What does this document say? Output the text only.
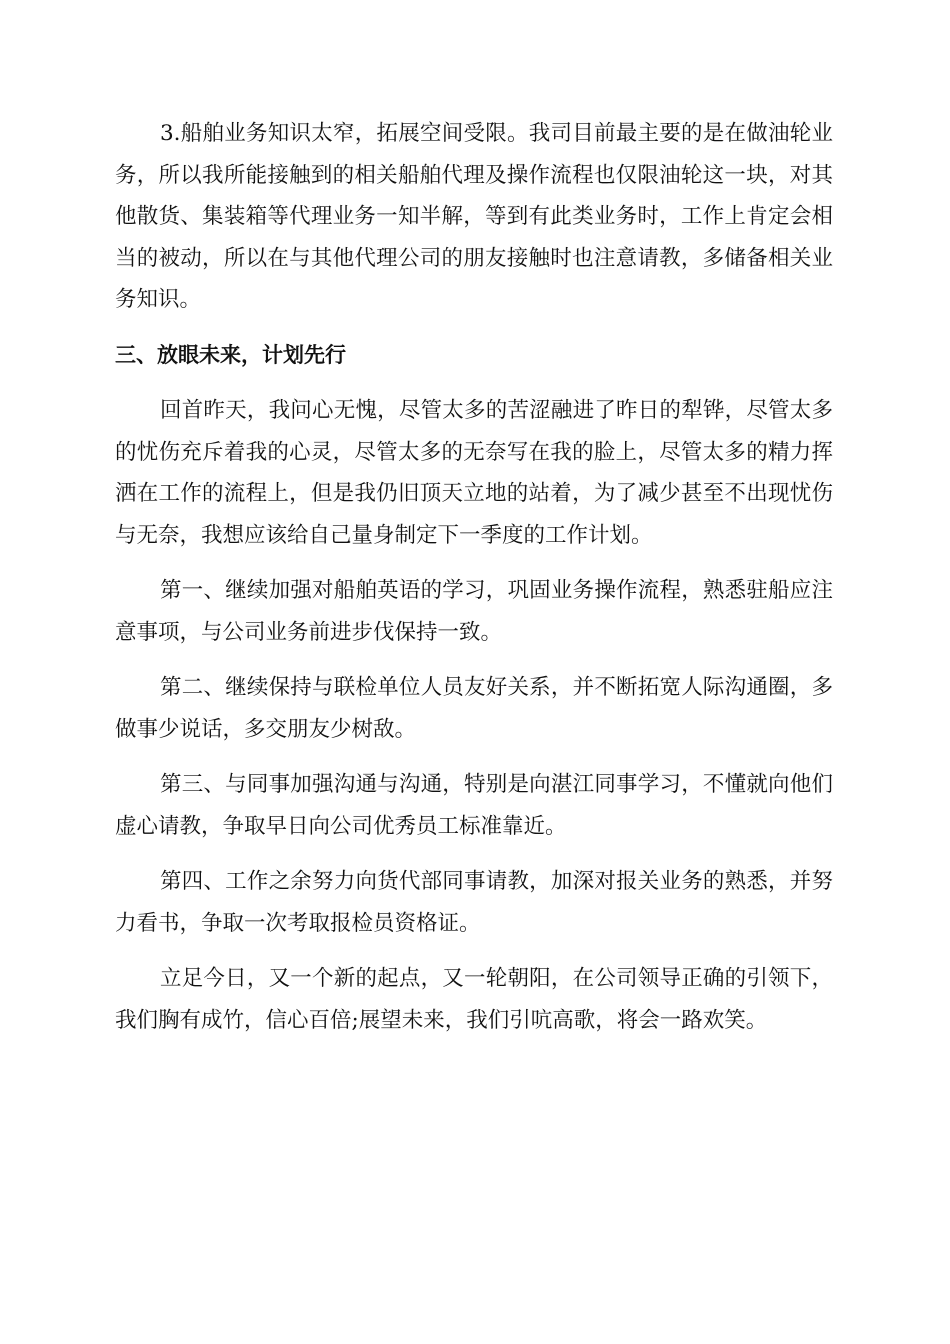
3.船舶业务知识太窄，拓展空间受限。我司目前最主要的是在做油轮业务，所以我所能接触到的相关船舶代理及操作流程也仅限油轮这一块，对其他散货、集装箱等代理业务一知半解，等到有此类业务时，工作上肯定会相当的被动，所以在与其他代理公司的朋友接触时也注意请教，多储备相关业务知识。

三、放眼未来，计划先行

回首昨天，我问心无愧，尽管太多的苦涩融进了昨日的犁铧，尽管太多的忧伤充斥着我的心灵，尽管太多的无奈写在我的脸上，尽管太多的精力挥洒在工作的流程上，但是我仍旧顶天立地的站着，为了减少甚至不出现忧伤与无奈，我想应该给自己量身制定下一季度的工作计划。

第一、继续加强对船舶英语的学习，巩固业务操作流程，熟悉驻船应注意事项，与公司业务前进步伐保持一致。

第二、继续保持与联检单位人员友好关系，并不断拓宽人际沟通圈，多做事少说话，多交朋友少树敌。

第三、与同事加强沟通与沟通，特别是向湛江同事学习，不懂就向他们虚心请教，争取早日向公司优秀员工标准靠近。

第四、工作之余努力向货代部同事请教，加深对报关业务的熟悉，并努力看书，争取一次考取报检员资格证。

立足今日，又一个新的起点，又一轮朝阳，在公司领导正确的引领下，我们胸有成竹，信心百倍;展望未来，我们引吭高歌，将会一路欢笑。
